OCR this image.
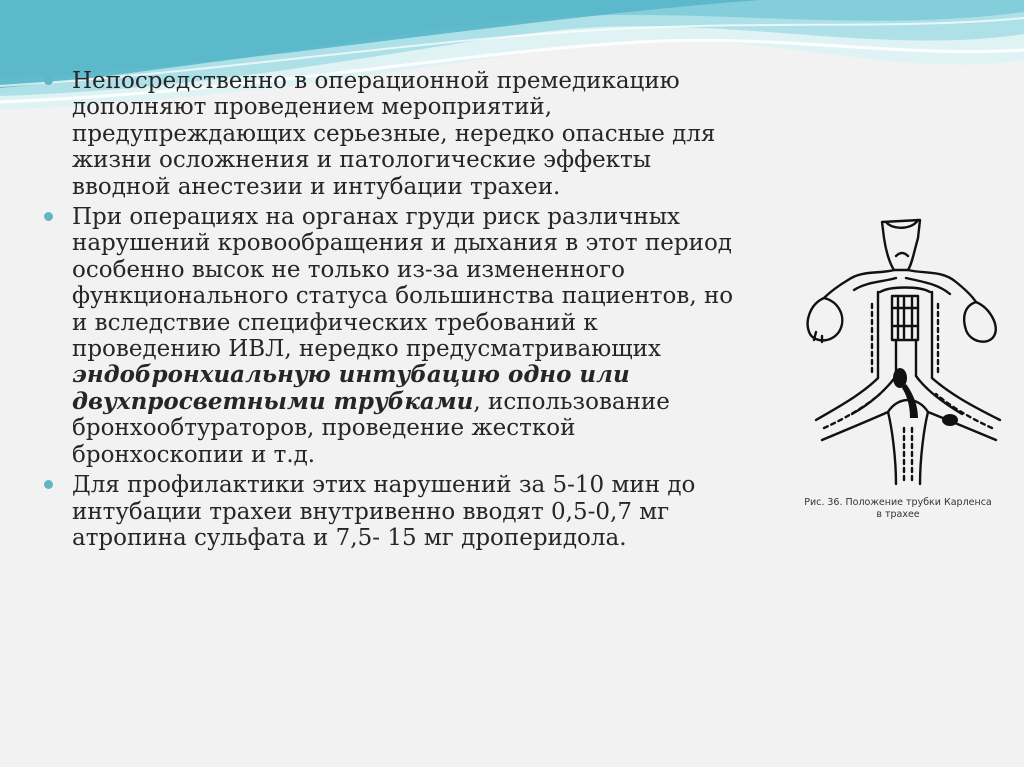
Непосредственно в операционной премедикацию дополняют проведением мероприятий, предупреждающих серьезные, нередко опасные для жизни осложнения и патологические эффекты вводной анестезии и интубации трахеи.
При операциях на органах груди риск различных нарушений кровообращения и дыхания в этот период особенно высок не только из-за измененного функционального статуса большинства пациентов, но и вследствие специфических требований к проведению ИВЛ, нередко предусматривающих эндобронхиальную интубацию одно или двухпросветными трубками, использование бронхообтураторов, проведение жесткой бронхоскопии и т.д.
Для профилактики этих нарушений за 5-10 мин до интубации трахеи внутривенно вводят 0,5-0,7 мг атропина сульфата и 7,5- 15 мг дроперидола.
Рис. 36. Положение трубки Карленса
в трахее
